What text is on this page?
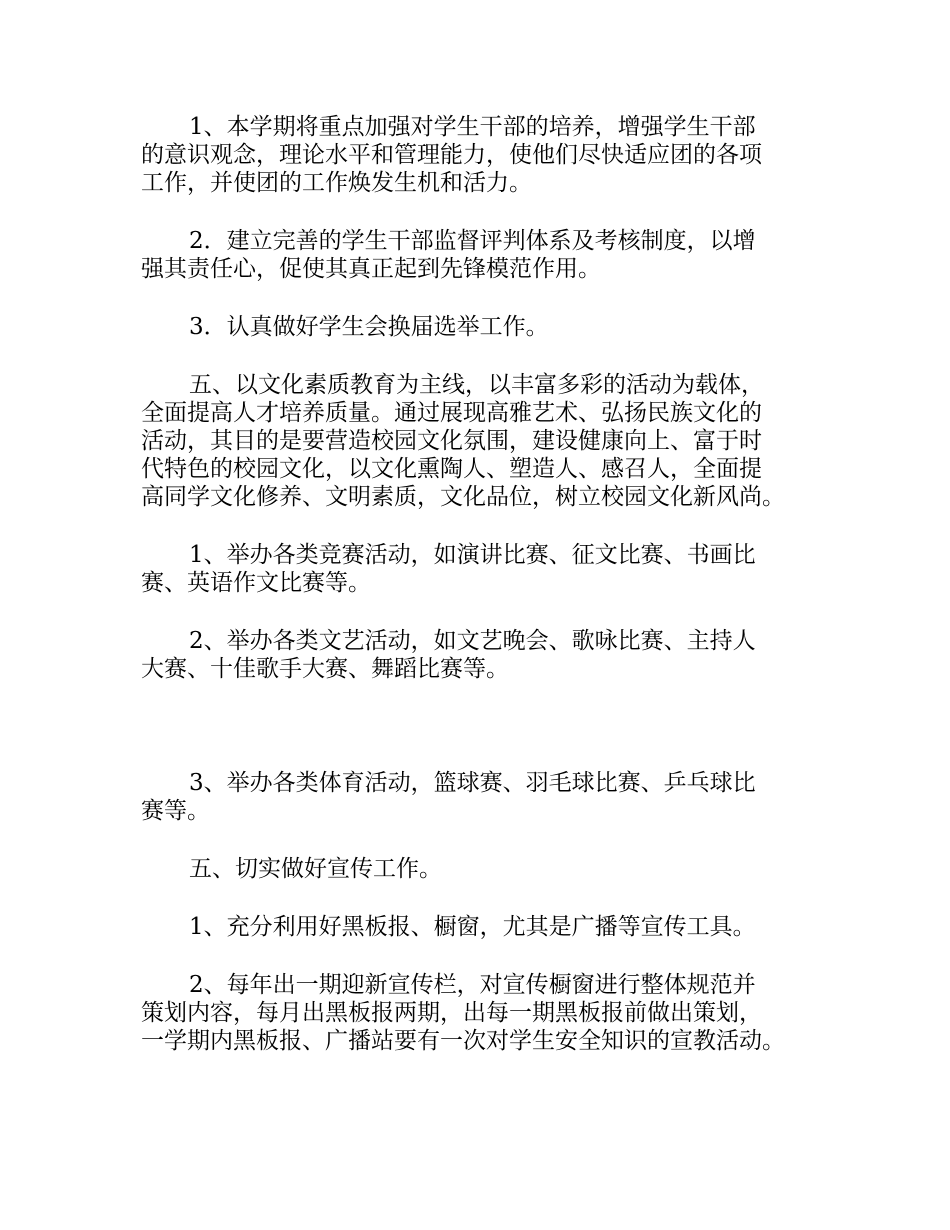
1、本学期将重点加强对学生干部的培养，增强学生干部
的意识观念，理论水平和管理能力，使他们尽快适应团的各项
工作，并使团的工作焕发生机和活力。

2．建立完善的学生干部监督评判体系及考核制度，以增
强其责任心，促使其真正起到先锋模范作用。

3．认真做好学生会换届选举工作。

五、以文化素质教育为主线，以丰富多彩的活动为载体，
全面提高人才培养质量。通过展现高雅艺术、弘扬民族文化的
活动，其目的是要营造校园文化氛围，建设健康向上、富于时
代特色的校园文化，以文化熏陶人、塑造人、感召人，全面提
高同学文化修养、文明素质，文化品位，树立校园文化新风尚。

1、举办各类竞赛活动，如演讲比赛、征文比赛、书画比
赛、英语作文比赛等。

2、举办各类文艺活动，如文艺晚会、歌咏比赛、主持人
大赛、十佳歌手大赛、舞蹈比赛等。

3、举办各类体育活动，篮球赛、羽毛球比赛、乒乓球比
赛等。

五、切实做好宣传工作。

1、充分利用好黑板报、橱窗，尤其是广播等宣传工具。

2、每年出一期迎新宣传栏，对宣传橱窗进行整体规范并
策划内容，每月出黑板报两期，出每一期黑板报前做出策划，
一学期内黑板报、广播站要有一次对学生安全知识的宣教活动。
